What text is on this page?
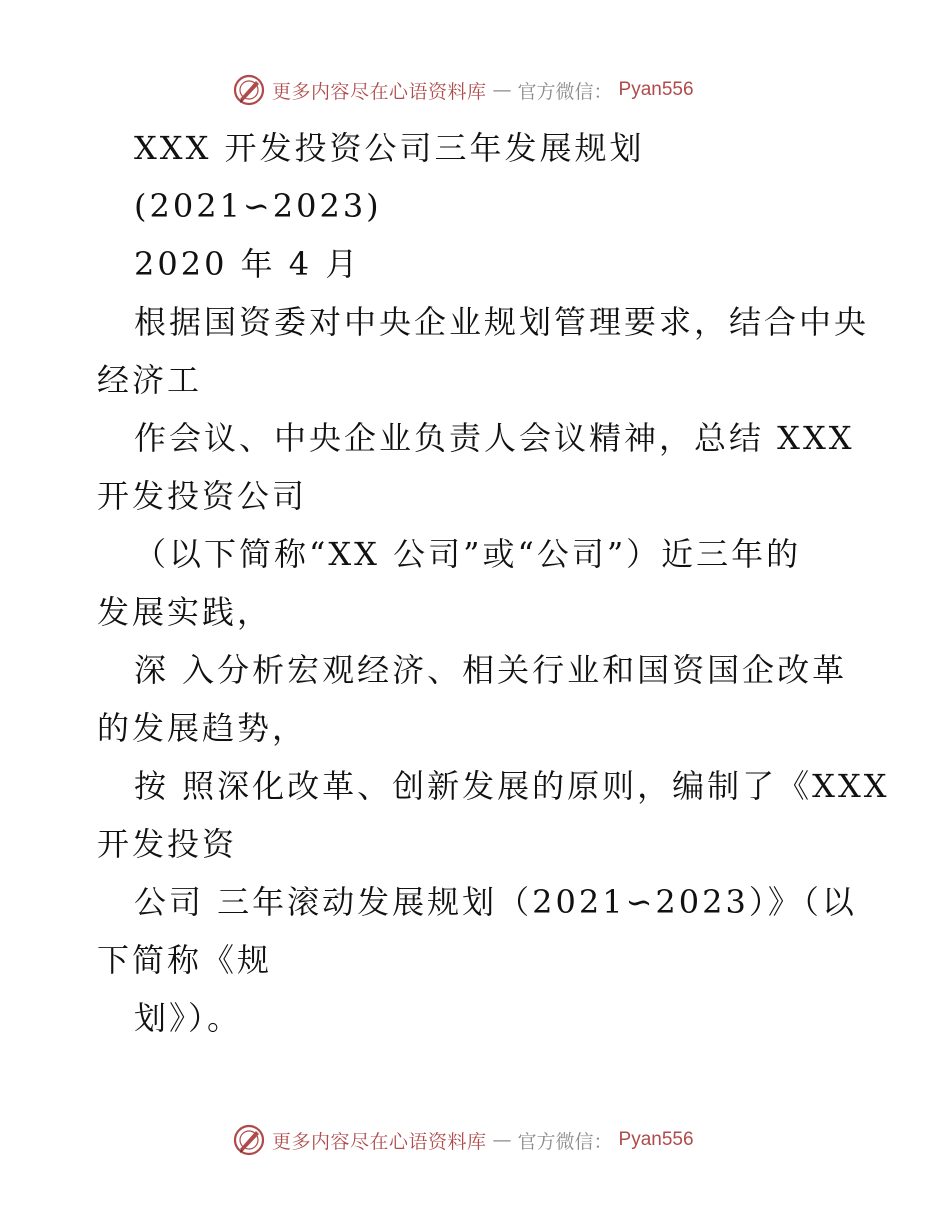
更多内容尽在心语资料库 — 官方微信： Pyan556
XXX 开发投资公司三年发展规划
(2021∽2023)
2020 年 4 月
根据国资委对中央企业规划管理要求，结合中央
经济工
作会议、中央企业负责人会议精神，总结 XXX
开发投资公司
（以下简称“XX 公司”或“公司”）近三年的
发展实践，
深 入分析宏观经济、相关行业和国资国企改革
的发展趋势，
按 照深化改革、创新发展的原则，编制了《XXX
开发投资
公司 三年滚动发展规划（2021∽2023）》（以
下简称《规
划》）。
更多内容尽在心语资料库 — 官方微信： Pyan556
